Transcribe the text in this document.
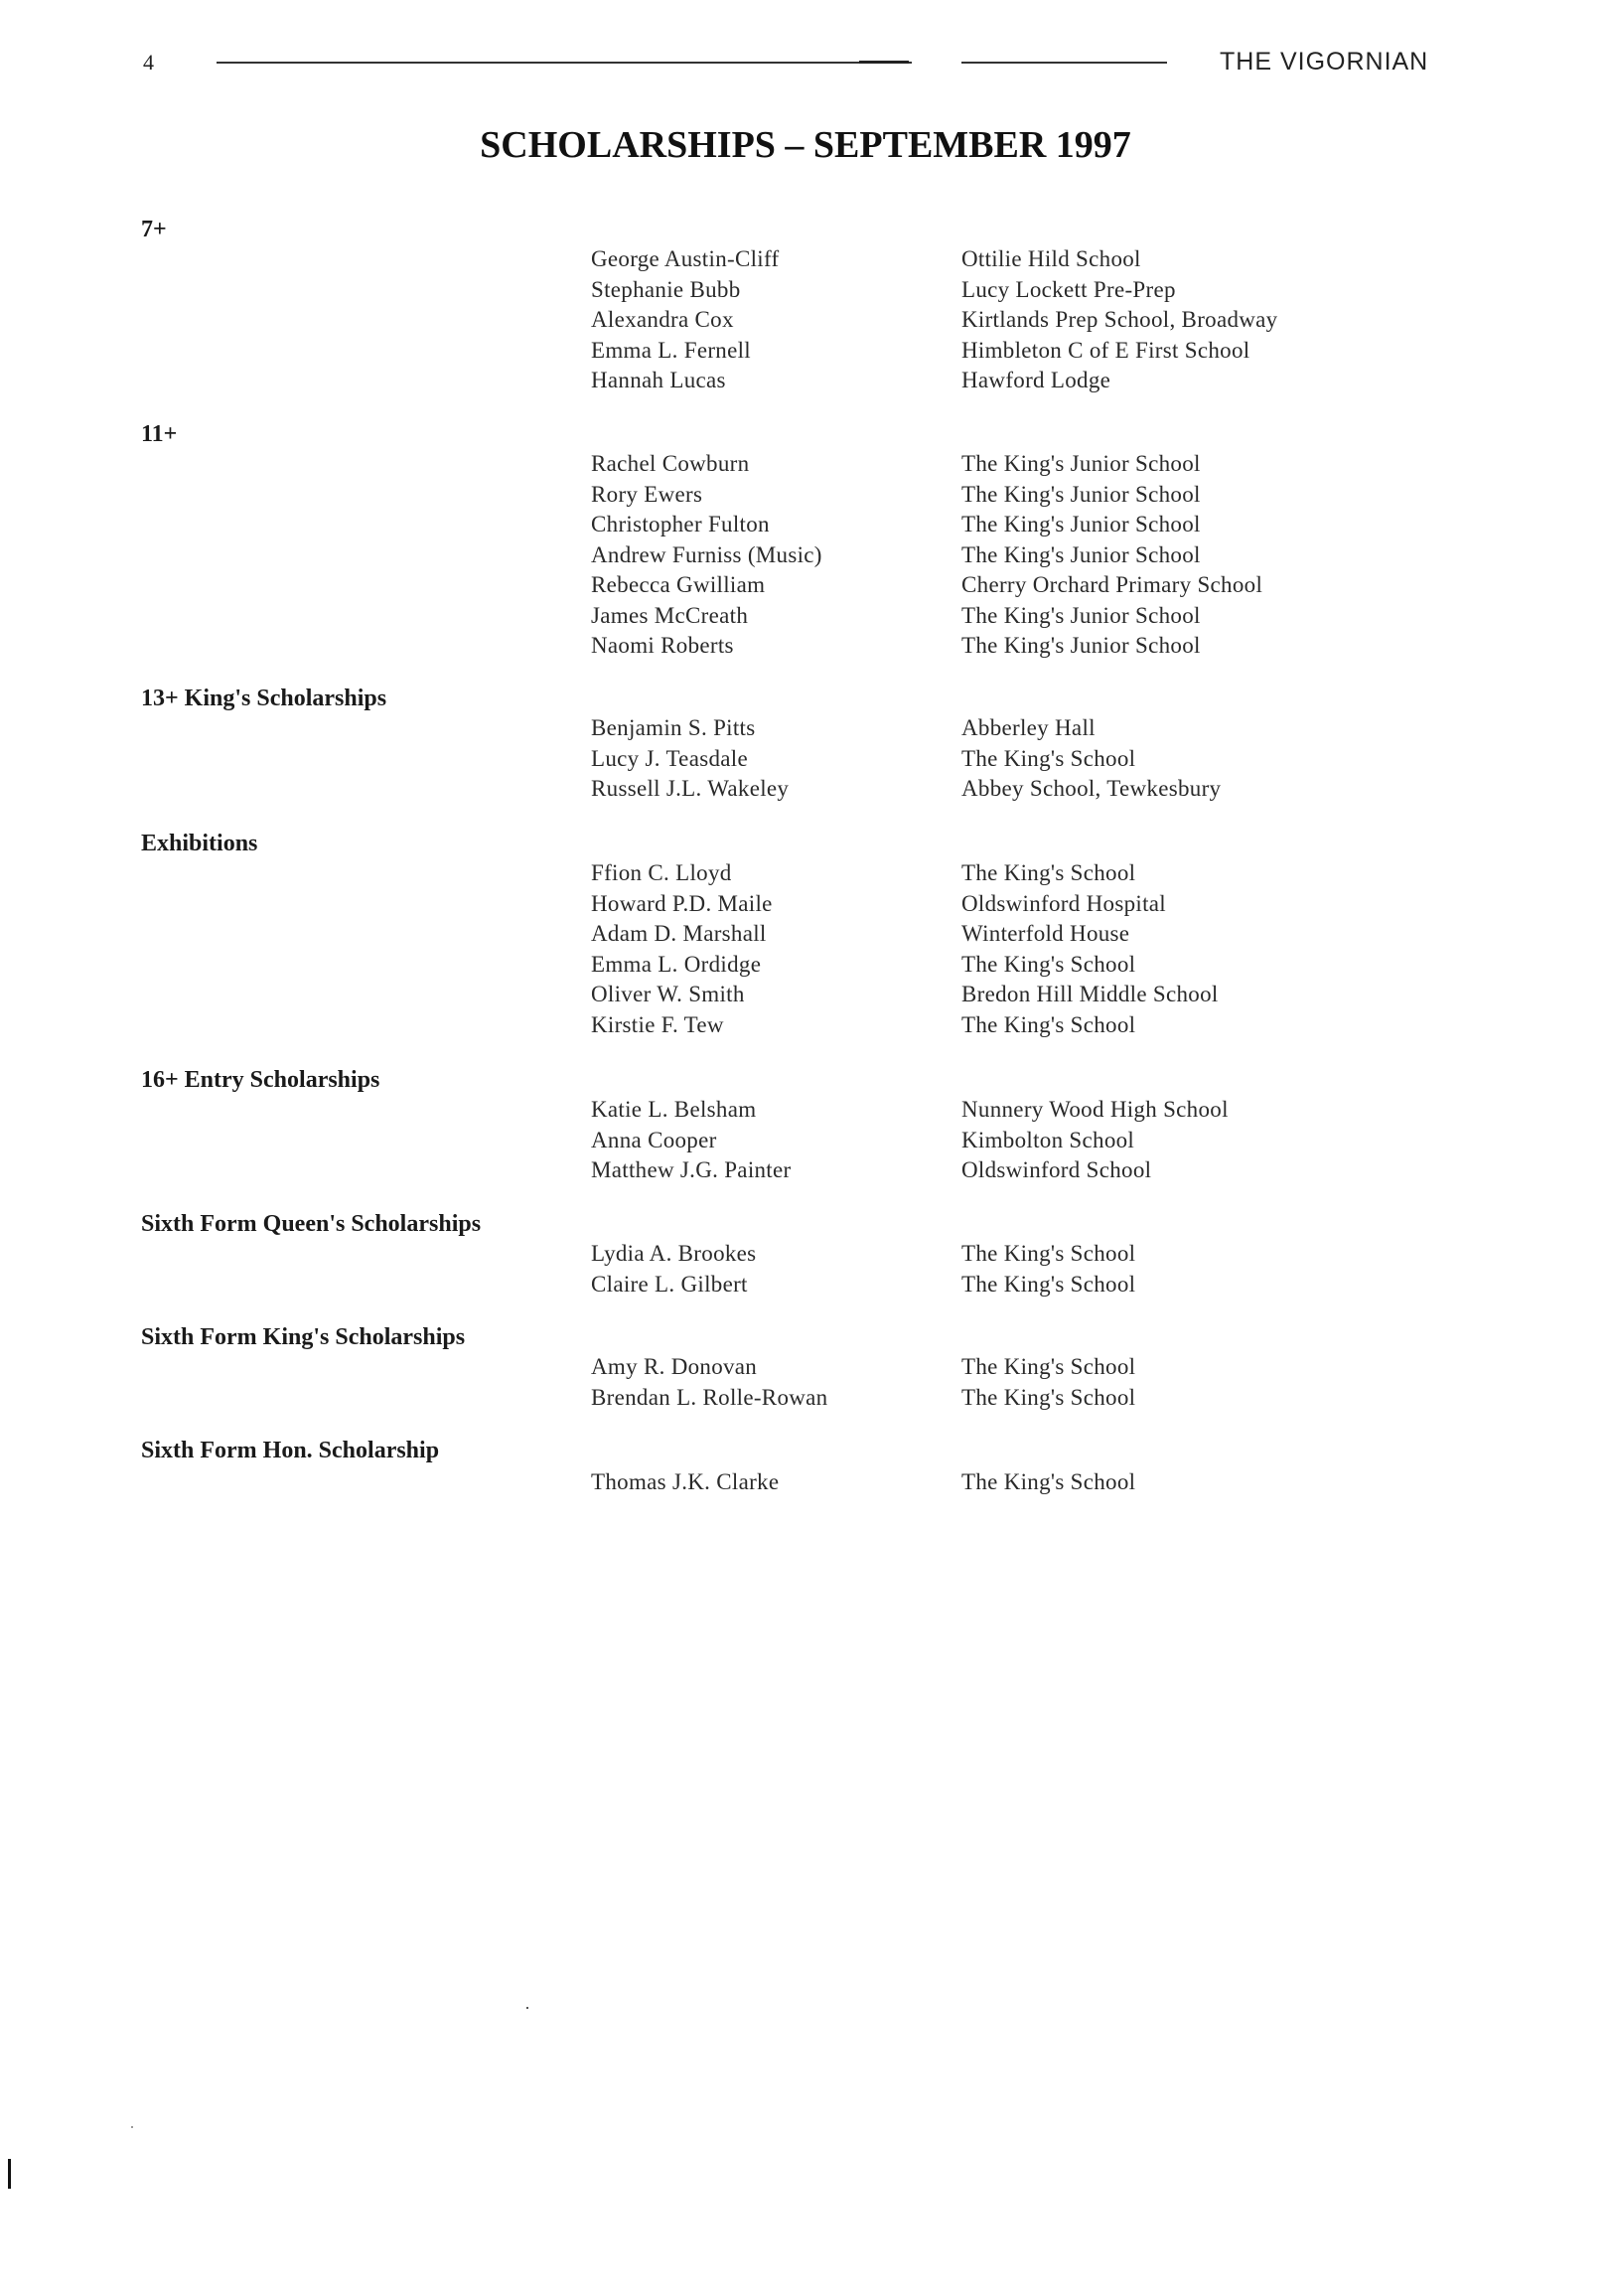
4	THE VIGORNIAN
SCHOLARSHIPS – SEPTEMBER 1997
7+
George Austin-Cliff	Ottilie Hild School
Stephanie Bubb	Lucy Lockett Pre-Prep
Alexandra Cox	Kirtlands Prep School, Broadway
Emma L. Fernell	Himbleton C of E First School
Hannah Lucas	Hawford Lodge
11+
Rachel Cowburn	The King's Junior School
Rory Ewers	The King's Junior School
Christopher Fulton	The King's Junior School
Andrew Furniss (Music)	The King's Junior School
Rebecca Gwilliam	Cherry Orchard Primary School
James McCreath	The King's Junior School
Naomi Roberts	The King's Junior School
13+ King's Scholarships
Benjamin S. Pitts	Abberley Hall
Lucy J. Teasdale	The King's School
Russell J.L. Wakeley	Abbey School, Tewkesbury
Exhibitions
Ffion C. Lloyd	The King's School
Howard P.D. Maile	Oldswinford Hospital
Adam D. Marshall	Winterfold House
Emma L. Ordidge	The King's School
Oliver W. Smith	Bredon Hill Middle School
Kirstie F. Tew	The King's School
16+ Entry Scholarships
Katie L. Belsham	Nunnery Wood High School
Anna Cooper	Kimbolton School
Matthew J.G. Painter	Oldswinford School
Sixth Form Queen's Scholarships
Lydia A. Brookes	The King's School
Claire L. Gilbert	The King's School
Sixth Form King's Scholarships
Amy R. Donovan	The King's School
Brendan L. Rolle-Rowan	The King's School
Sixth Form Hon. Scholarship
Thomas J.K. Clarke	The King's School
